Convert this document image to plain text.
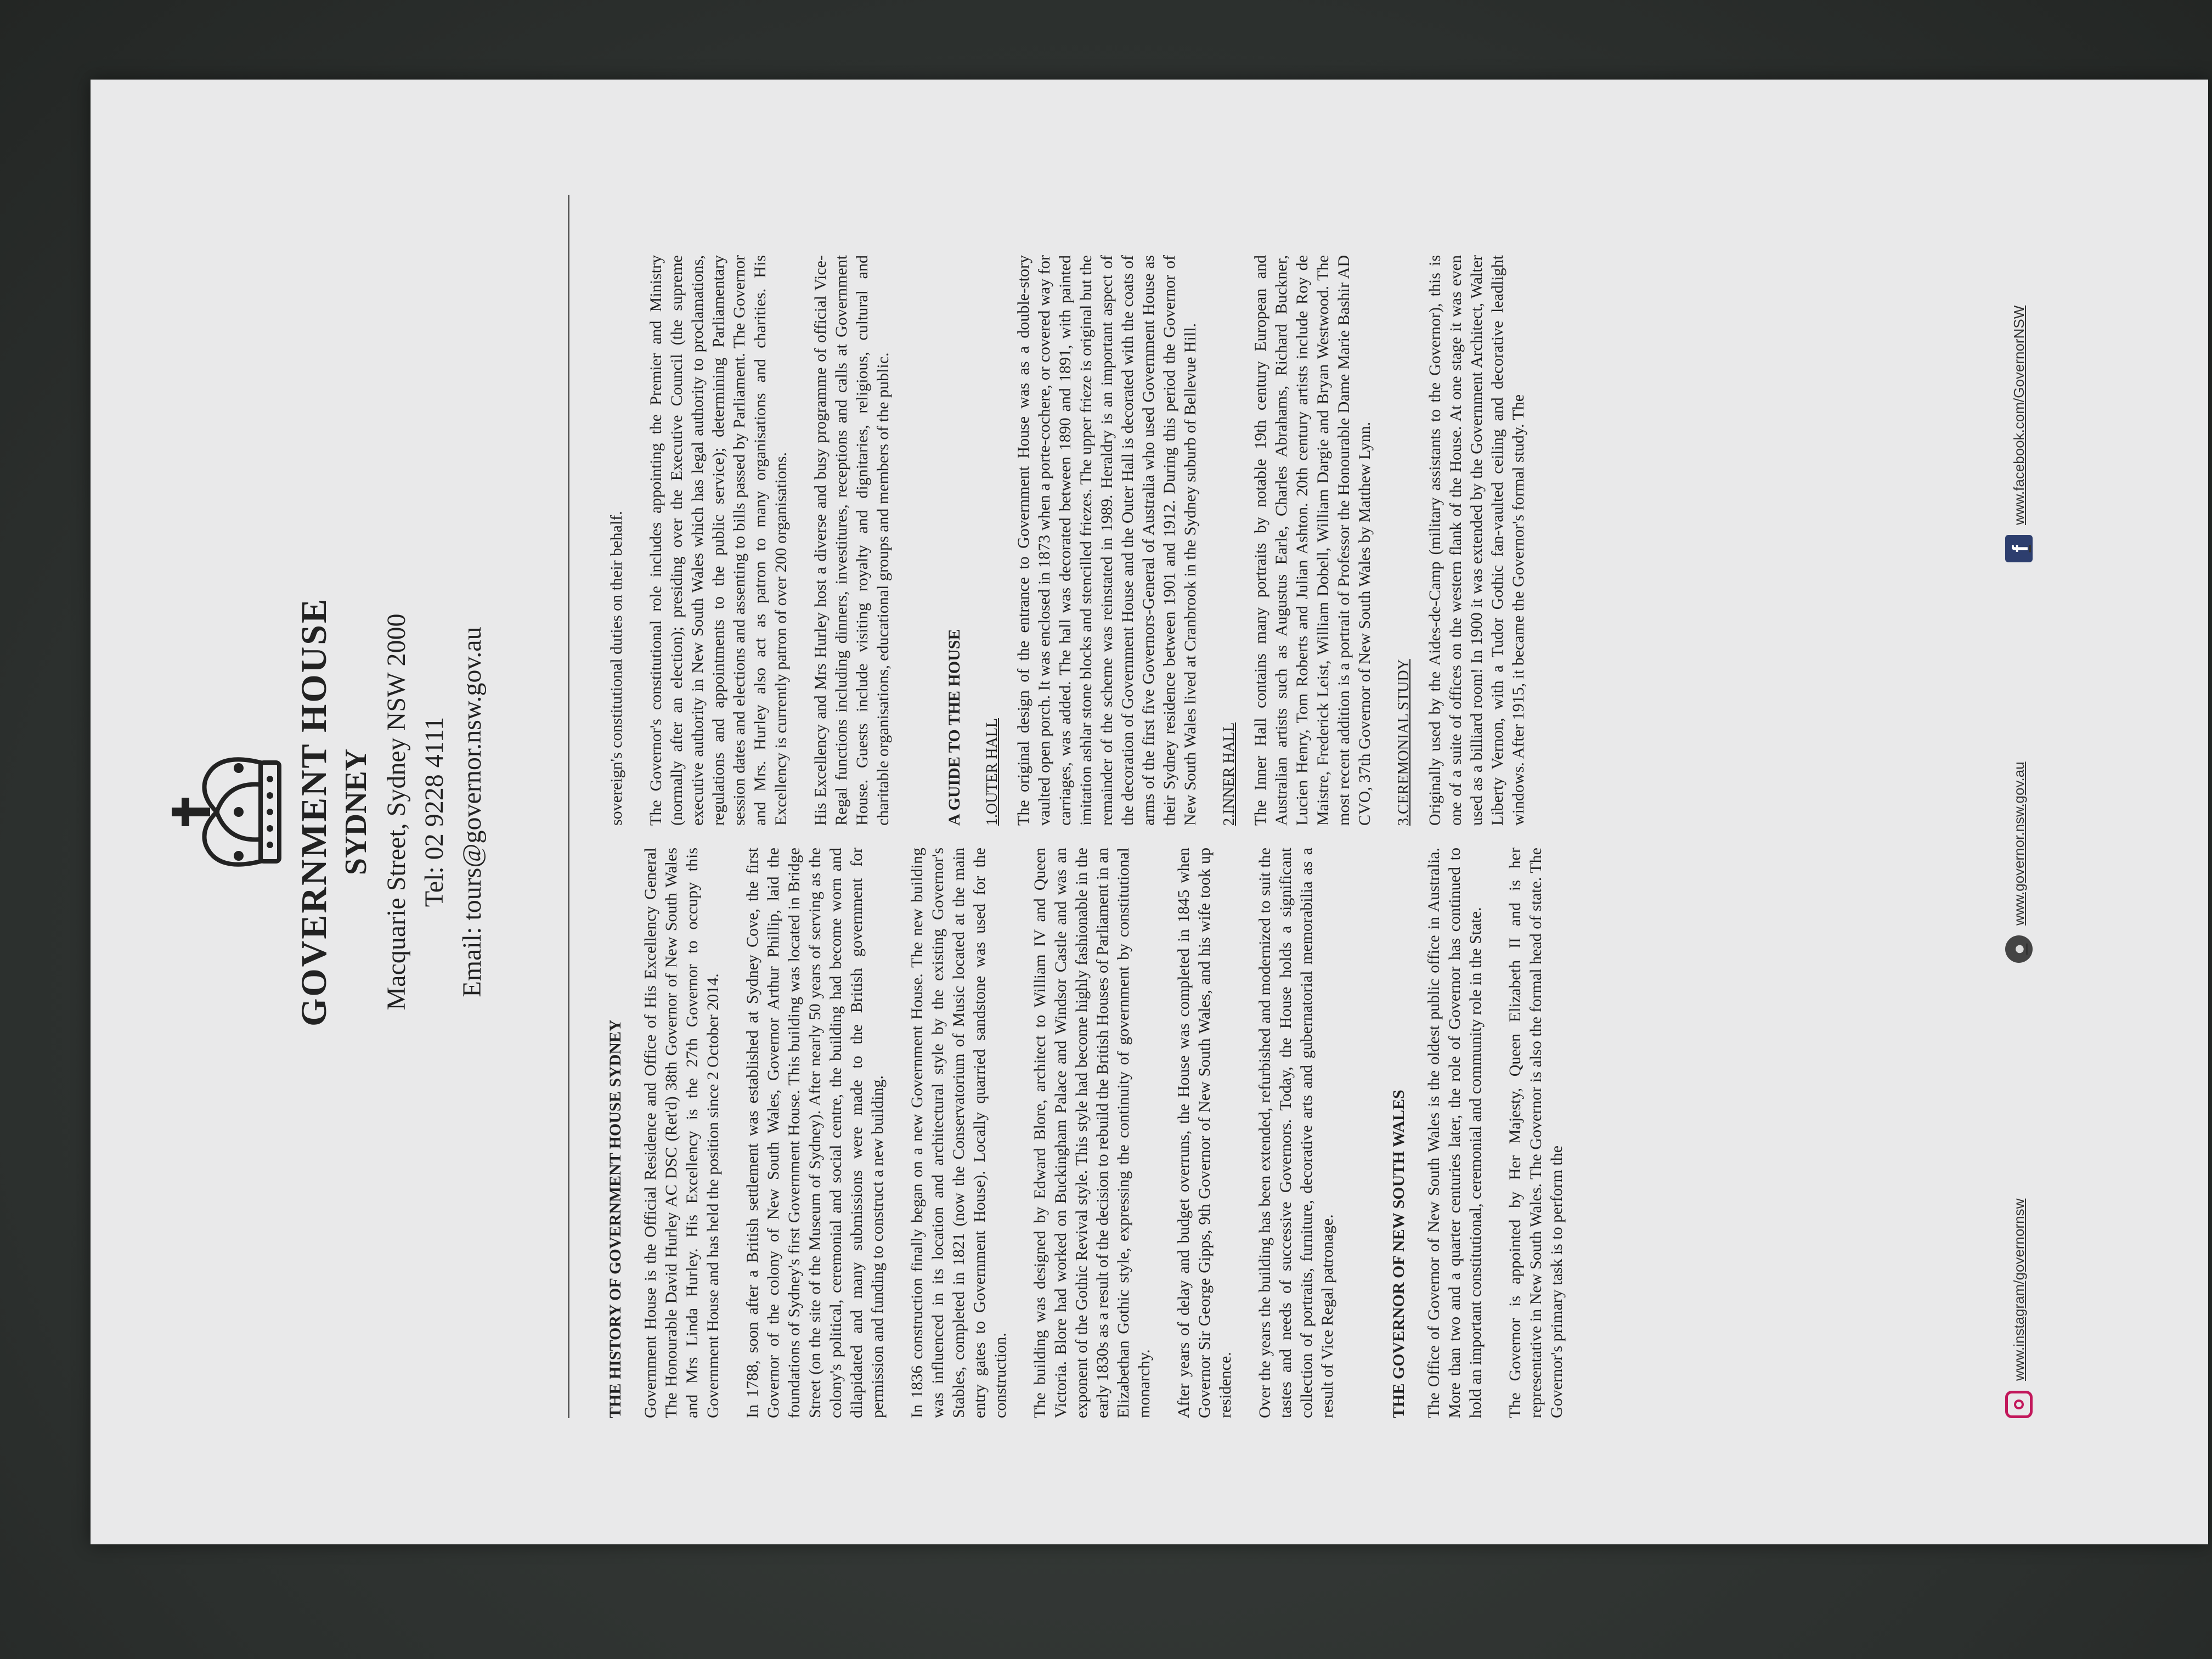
GOVERNMENT HOUSE SYDNEY Macquarie Street, Sydney NSW 2000 Tel: 02 9228 4111 Email: tours@governor.nsw.gov.au
THE HISTORY OF GOVERNMENT HOUSE SYDNEY Government House is the Official Residence and Office of His Excellency General The Honourable David Hurley AC DSC (Ret'd) 38th Governor of New South Wales and Mrs Linda Hurley. His Excellency is the 27th Governor to occupy this Government House and has held the position since 2 October 2014. In 1788, soon after a British settlement was established at Sydney Cove, the first Governor of the colony of New South Wales, Governor Arthur Phillip, laid the foundations of Sydney's first Government House. This building was located in Bridge Street (on the site of the Museum of Sydney). After nearly 50 years of serving as the colony's political, ceremonial and social centre, the building had become worn and dilapidated and many submissions were made to the British government for permission and funding to construct a new building. In 1836 construction finally began on a new Government House. The new building was influenced in its location and architectural style by the existing Governor's Stables, completed in 1821 (now the Conservatorium of Music located at the main entry gates to Government House). Locally quarried sandstone was used for the construction. The building was designed by Edward Blore, architect to William IV and Queen Victoria. Blore had worked on Buckingham Palace and Windsor Castle and was an exponent of the Gothic Revival style. This style had become highly fashionable in the early 1830s as a result of the decision to rebuild the British Houses of Parliament in an Elizabethan Gothic style, expressing the continuity of government by constitutional monarchy. After years of delay and budget overruns, the House was completed in 1845 when Governor Sir George Gipps, 9th Governor of New South Wales, and his wife took up residence. Over the years the building has been extended, refurbished and modernized to suit the tastes and needs of successive Governors. Today, the House holds a significant collection of portraits, furniture, decorative arts and gubernatorial memorabilia as a result of Vice Regal patronage.	THE GOVERNOR OF NEW SOUTH WALES The Office of Governor of New South Wales is the oldest public office in Australia. More than two and a quarter centuries later, the role of Governor has continued to hold an important constitutional, ceremonial and community role in the State. The Governor is appointed by Her Majesty, Queen Elizabeth II and is her representative in New South Wales. The Governor is also the formal head of state. The Governor's primary task is to perform the

sovereign's constitutional duties on their behalf. The Governor's constitutional role includes appointing the Premier and Ministry (normally after an election); presiding over the Executive Council (the supreme executive authority in New South Wales which has legal authority to proclamations, regulations and appointments to the public service); determining Parliamentary session dates and elections and assenting to bills passed by Parliament. The Governor and Mrs. Hurley also act as patron to many organisations and charities. His Excellency is currently patron of over 200 organisations. His Excellency and Mrs Hurley host a diverse and busy programme of official Vice-Regal functions including dinners, investitures, receptions and calls at Government House. Guests include visiting royalty and dignitaries, religious, cultural and charitable organisations, educational groups and members of the public.	A GUIDE TO THE HOUSE 1.OUTER HALL The original design of the entrance to Government House was as a double-story vaulted open porch. It was enclosed in 1873 when a porte-cochere, or covered way for carriages, was added. The hall was decorated between 1890 and 1891, with painted imitation ashlar stone blocks and stencilled friezes. The upper frieze is original but the remainder of the scheme was reinstated in 1989. Heraldry is an important aspect of the decoration of Government House and the Outer Hall is decorated with the coats of arms of the first five Governors-General of Australia who used Government House as their Sydney residence between 1901 and 1912. During this period the Governor of New South Wales lived at Cranbrook in the Sydney suburb of Bellevue Hill. 2.INNER HALL The Inner Hall contains many portraits by notable 19th century European and Australian artists such as Augustus Earle, Charles Abrahams, Richard Buckner, Lucien Henry, Tom Roberts and Julian Ashton. 20th century artists include Roy de Maistre, Frederick Leist, William Dobell, William Dargie and Bryan Westwood. The most recent addition is a portrait of Professor the Honourable Dame Marie Bashir AD CVO, 37th Governor of New South Wales by Matthew Lynn. 3.CEREMONIAL STUDY Originally used by the Aides-de-Camp (military assistants to the Governor), this is one of a suite of offices on the western flank of the House. At one stage it was even used as a billiard room! In 1900 it was extended by the Government Architect, Walter Liberty Vernon, with a Tudor Gothic fan-vaulted ceiling and decorative leadlight windows. After 1915, it became the Governor's formal study. The

www.instagram/governornsw
●
www.governor.nsw.gov.au
f
www.facebook.com/GovernorNSW
